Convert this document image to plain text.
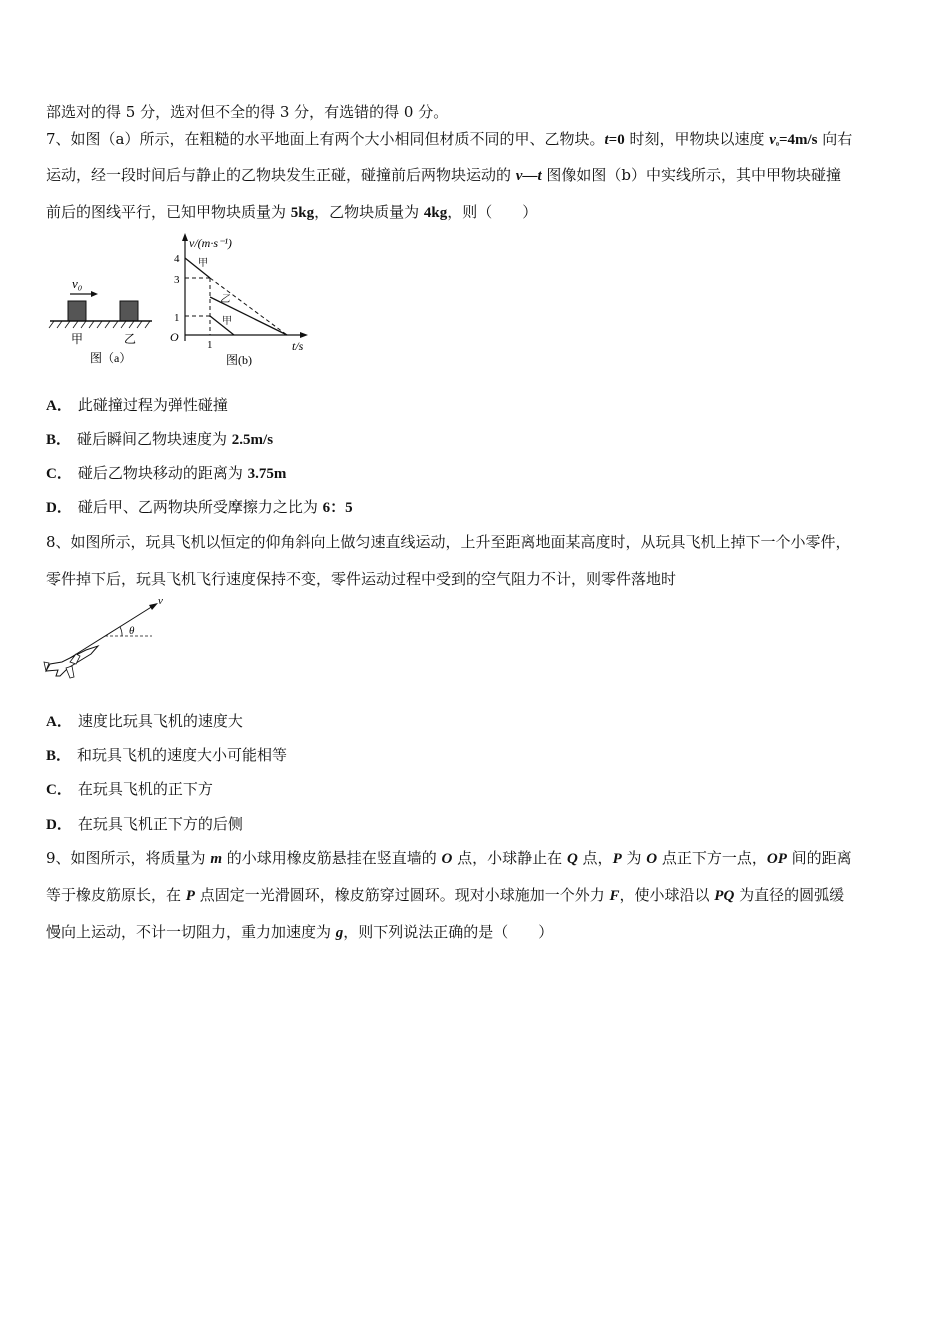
部选对的得 5 分，选对但不全的得 3 分，有选错的得 0 分。
7、如图（a）所示，在粗糙的水平地面上有两个大小相同但材质不同的甲、乙物块。t=0 时刻，甲物块以速度 v₀=4m/s 向右
运动，经一段时间后与静止的乙物块发生正碰，碰撞前后两物块运动的 v—t 图像如图（b）中实线所示，其中甲物块碰撞
前后的图线平行，已知甲物块质量为 5kg，乙物块质量为 4kg，则（　　）
v₀
甲	乙
图（a）
v/(m·s⁻¹)
t/s
4
3
1
O
1
甲
乙
甲
图(b)
A． 此碰撞过程为弹性碰撞
B． 碰后瞬间乙物块速度为 2.5m/s
C． 碰后乙物块移动的距离为 3.75m
D． 碰后甲、乙两物块所受摩擦力之比为 6：5
8、如图所示，玩具飞机以恒定的仰角斜向上做匀速直线运动，上升至距离地面某高度时，从玩具飞机上掉下一个小零件，
零件掉下后，玩具飞机飞行速度保持不变，零件运动过程中受到的空气阻力不计，则零件落地时
v
θ
A． 速度比玩具飞机的速度大
B． 和玩具飞机的速度大小可能相等
C． 在玩具飞机的正下方
D． 在玩具飞机正下方的后侧
9、如图所示，将质量为 m 的小球用橡皮筋悬挂在竖直墙的 O 点，小球静止在 Q 点，P 为 O 点正下方一点，OP 间的距离
等于橡皮筋原长，在 P 点固定一光滑圆环，橡皮筋穿过圆环。现对小球施加一个外力 F，使小球沿以 PQ 为直径的圆弧缓
慢向上运动，不计一切阻力，重力加速度为 g，则下列说法正确的是（　　）
